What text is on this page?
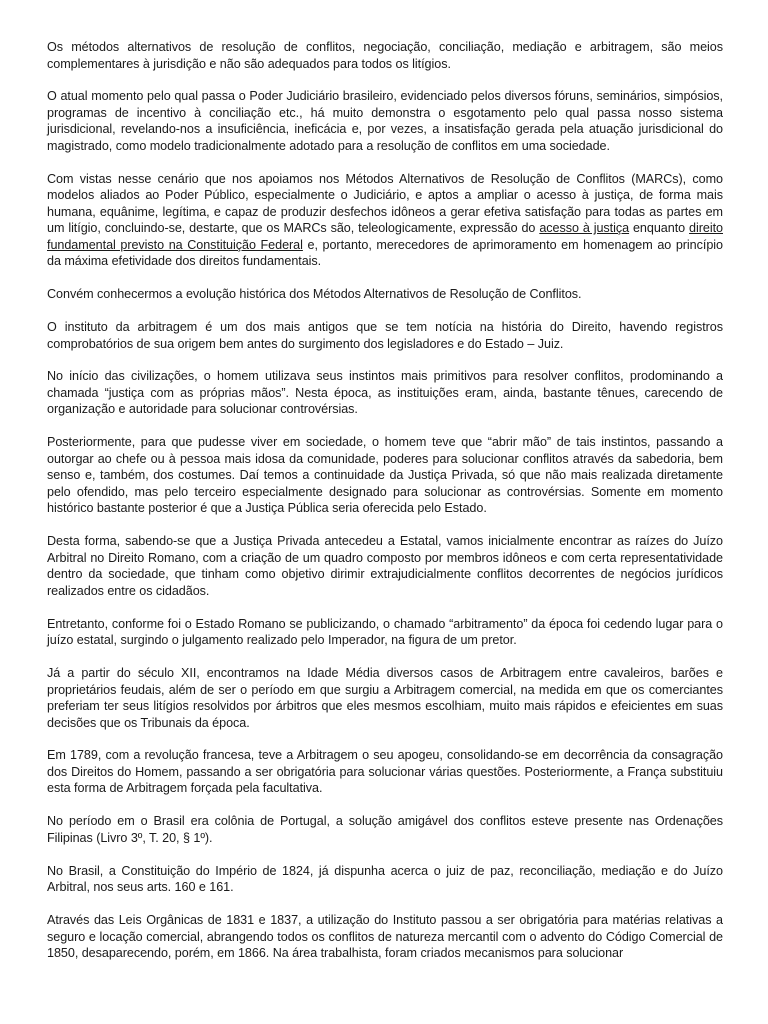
Os métodos alternativos de resolução de conflitos, negociação, conciliação, mediação e arbitragem, são meios complementares à jurisdição e não são adequados para todos os litígios.

O atual momento pelo qual passa o Poder Judiciário brasileiro, evidenciado pelos diversos fóruns, seminários, simpósios, programas de incentivo à conciliação etc., há muito demonstra o esgotamento pelo qual passa nosso sistema jurisdicional, revelando-nos a insuficiência, ineficácia e, por vezes, a insatisfação gerada pela atuação jurisdicional do magistrado, como modelo tradicionalmente adotado para a resolução de conflitos em uma sociedade.

Com vistas nesse cenário que nos apoiamos nos Métodos Alternativos de Resolução de Conflitos (MARCs), como modelos aliados ao Poder Público, especialmente o Judiciário, e aptos a ampliar o acesso à justiça, de forma mais humana, equânime, legítima, e capaz de produzir desfechos idôneos a gerar efetiva satisfação para todas as partes em um litígio, concluindo-se, destarte, que os MARCs são, teleologicamente, expressão do acesso à justiça enquanto direito fundamental previsto na Constituição Federal e, portanto, merecedores de aprimoramento em homenagem ao princípio da máxima efetividade dos direitos fundamentais.

Convém conhecermos a evolução histórica dos Métodos Alternativos de Resolução de Conflitos.

O instituto da arbitragem é um dos mais antigos que se tem notícia na história do Direito, havendo registros comprobatórios de sua origem bem antes do surgimento dos legisladores e do Estado – Juiz.

No início das civilizações, o homem utilizava seus instintos mais primitivos para resolver conflitos, prodominando a chamada “justiça com as próprias mãos”. Nesta época, as instituições eram, ainda, bastante tênues, carecendo de organização e autoridade para solucionar controvérsias.

Posteriormente, para que pudesse viver em sociedade, o homem teve que “abrir mão” de tais instintos, passando a outorgar ao chefe ou à pessoa mais idosa da comunidade, poderes para solucionar conflitos através da sabedoria, bem senso e, também, dos costumes. Daí temos a continuidade da Justiça Privada, só que não mais realizada diretamente pelo ofendido, mas pelo terceiro especialmente designado para solucionar as controvérsias. Somente em momento histórico bastante posterior é que a Justiça Pública seria oferecida pelo Estado.

Desta forma, sabendo-se que a Justiça Privada antecedeu a Estatal, vamos inicialmente encontrar as raízes do Juízo Arbitral no Direito Romano, com a criação de um quadro composto por membros idôneos e com certa representatividade dentro da sociedade, que tinham como objetivo dirimir extrajudicialmente conflitos decorrentes de negócios jurídicos realizados entre os cidadãos.

Entretanto, conforme foi o Estado Romano se publicizando, o chamado “arbitramento” da época foi cedendo lugar para o juízo estatal, surgindo o julgamento realizado pelo Imperador, na figura de um pretor.

Já a partir do século XII, encontramos na Idade Média diversos casos de Arbitragem entre cavaleiros, barões e proprietários feudais, além de ser o período em que surgiu a Arbitragem comercial, na medida em que os comerciantes preferiam ter seus litígios resolvidos por árbitros que eles mesmos escolhiam, muito mais rápidos e efeicientes em suas decisões que os Tribunais da época.

Em 1789, com a revolução francesa, teve a Arbitragem o seu apogeu, consolidando-se em decorrência da consagração dos Direitos do Homem, passando a ser obrigatória para solucionar várias questões. Posteriormente, a França substituiu esta forma de Arbitragem forçada pela facultativa.

No período em o Brasil era colônia de Portugal, a solução amigável dos conflitos esteve presente nas Ordenações Filipinas (Livro 3º, T. 20, § 1º).

No Brasil, a Constituição do Império de 1824, já dispunha acerca o juiz de paz, reconciliação, mediação e do Juízo Arbitral, nos seus arts. 160 e 161.

Através das Leis Orgânicas de 1831 e 1837, a utilização do Instituto passou a ser obrigatória para matérias relativas a seguro e locação comercial, abrangendo todos os conflitos de natureza mercantil com o advento do Código Comercial de 1850, desaparecendo, porém, em 1866. Na área trabalhista, foram criados mecanismos para solucionar
